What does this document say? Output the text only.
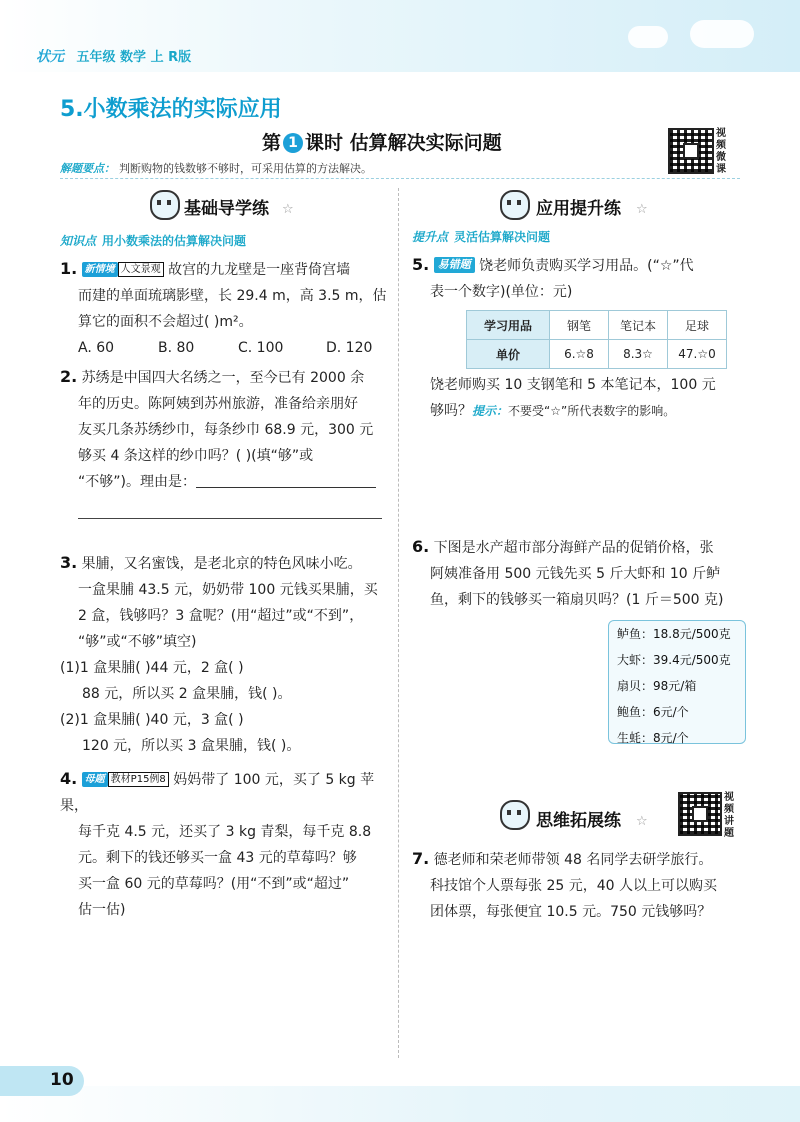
状元 五年级 数学 上 R版
5.小数乘法的实际应用
第 1 课时 估算解决实际问题	视频微课
解题要点： 判断购物的钱数够不够时，可采用估算的方法解决。
基础导学练 ☆
知识点 用小数乘法的估算解决问题
1. 新情境 人文景观 故宫的九龙壁是一座背倚宫墙
而建的单面琉璃影壁，长 29.4 m，高 3.5 m，估
算它的面积不会超过( )m²。
A. 60	B. 80	C. 100	D. 120
2. 苏绣是中国四大名绣之一，至今已有 2000 余
年的历史。陈阿姨到苏州旅游，准备给亲朋好
友买几条苏绣纱巾，每条纱巾 68.9 元，300 元
够买 4 条这样的纱巾吗？( )(填“够”或
“不够”)。理由是：
3. 果脯，又名蜜饯，是老北京的特色风味小吃。
一盒果脯 43.5 元，奶奶带 100 元钱买果脯，买
2 盒，钱够吗？3 盒呢？(用“超过”或“不到”，
“够”或“不够”填空)
(1)1 盒果脯( )44 元，2 盒( )
88 元，所以买 2 盒果脯，钱( )。
(2)1 盒果脯( )40 元，3 盒( )
120 元，所以买 3 盒果脯，钱( )。
4. 母题 教材P15例8 妈妈带了 100 元，买了 5 kg 苹果，
每千克 4.5 元，还买了 3 kg 青梨，每千克 8.8
元。剩下的钱还够买一盒 43 元的草莓吗？够
买一盒 60 元的草莓吗？(用“不到”或“超过”
估一估)
应用提升练 ☆
提升点 灵活估算解决问题
5. 易错题 饶老师负责购买学习用品。(“☆”代
表一个数字)(单位：元)
学习用品	钢笔	笔记本	足球
单价	6.☆8	8.3☆	47.☆0
饶老师购买 10 支钢笔和 5 本笔记本，100 元
够吗？提示：不要受“☆”所代表数字的影响。
6. 下图是水产超市部分海鲜产品的促销价格，张
阿姨准备用 500 元钱先买 5 斤大虾和 10 斤鲈
鱼，剩下的钱够买一箱扇贝吗？(1 斤＝500 克)
鲈鱼：18.8元/500克
大虾：39.4元/500克
扇贝：98元/箱
鲍鱼：6元/个
生蚝：8元/个
思维拓展练 ☆
视频讲题
7. 德老师和荣老师带领 48 名同学去研学旅行。
科技馆个人票每张 25 元，40 人以上可以购买
团体票，每张便宜 10.5 元。750 元钱够吗？
10
